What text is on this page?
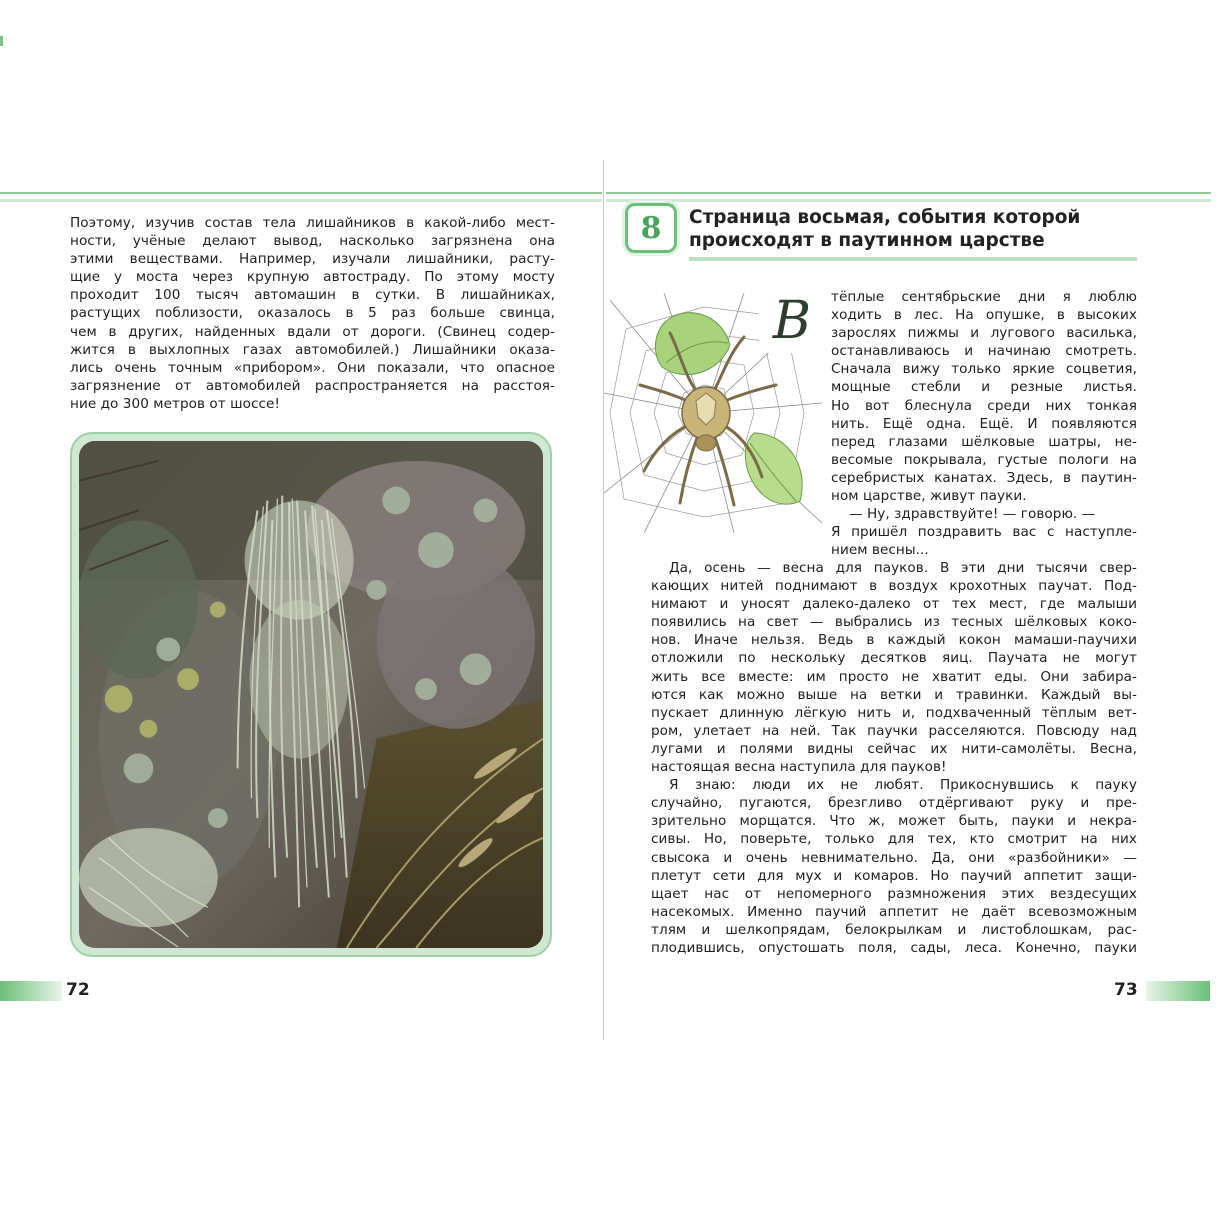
Поэтому, изучив состав тела лишайников в какой-либо мест-

ности, учёные делают вывод, насколько загрязнена она

этими веществами. Например, изучали лишайники, расту-

щие у моста через крупную автостраду. По этому мосту

проходит 100 тысяч автомашин в сутки. В лишайниках,

растущих поблизости, оказалось в 5 раз больше свинца,

чем в других, найденных вдали от дороги. (Свинец содер-

жится в выхлопных газах автомобилей.) Лишайники оказа-

лись очень точным «прибором». Они показали, что опасное

загрязнение от автомобилей распространяется на расстоя-

ние до 300 метров от шоссе!

72
8	Страница восьмая, события которой
происходят в паутинном царстве
В тёплые сентябрьские дни я люблю

ходить в лес. На опушке, в высоких

зарослях пижмы и лугового василька,

останавливаюсь и начинаю смотреть.

Сначала вижу только яркие соцветия,

мощные стебли и резные листья.

Но вот блеснула среди них тонкая

нить. Ещё одна. Ещё. И появляются

перед глазами шёлковые шатры, не-

весомые покрывала, густые пологи на

серебристых канатах. Здесь, в паутин-

ном царстве, живут пауки.

— Ну, здравствуйте! — говорю. —

Я пришёл поздравить вас с наступле-

нием весны...

Да, осень — весна для пауков. В эти дни тысячи свер-

кающих нитей поднимают в воздух крохотных паучат. Под-

нимают и уносят далеко-далеко от тех мест, где малыши

появились на свет — выбрались из тесных шёлковых коко-

нов. Иначе нельзя. Ведь в каждый кокон мамаши-паучихи

отложили по нескольку десятков яиц. Паучата не могут

жить все вместе: им просто не хватит еды. Они забира-

ются как можно выше на ветки и травинки. Каждый вы-

пускает длинную лёгкую нить и, подхваченный тёплым вет-

ром, улетает на ней. Так паучки расселяются. Повсюду над

лугами и полями видны сейчас их нити-самолёты. Весна,

настоящая весна наступила для пауков!

Я знаю: люди их не любят. Прикоснувшись к пауку

случайно, пугаются, брезгливо отдёргивают руку и пре-

зрительно морщатся. Что ж, может быть, пауки и некра-

сивы. Но, поверьте, только для тех, кто смотрит на них

свысока и очень невнимательно. Да, они «разбойники» —

плетут сети для мух и комаров. Но паучий аппетит защи-

щает нас от непомерного размножения этих вездесущих

насекомых. Именно паучий аппетит не даёт всевозможным

тлям и шелкопрядам, белокрылкам и листоблошкам, рас-

плодившись, опустошать поля, сады, леса. Конечно, пауки

73
